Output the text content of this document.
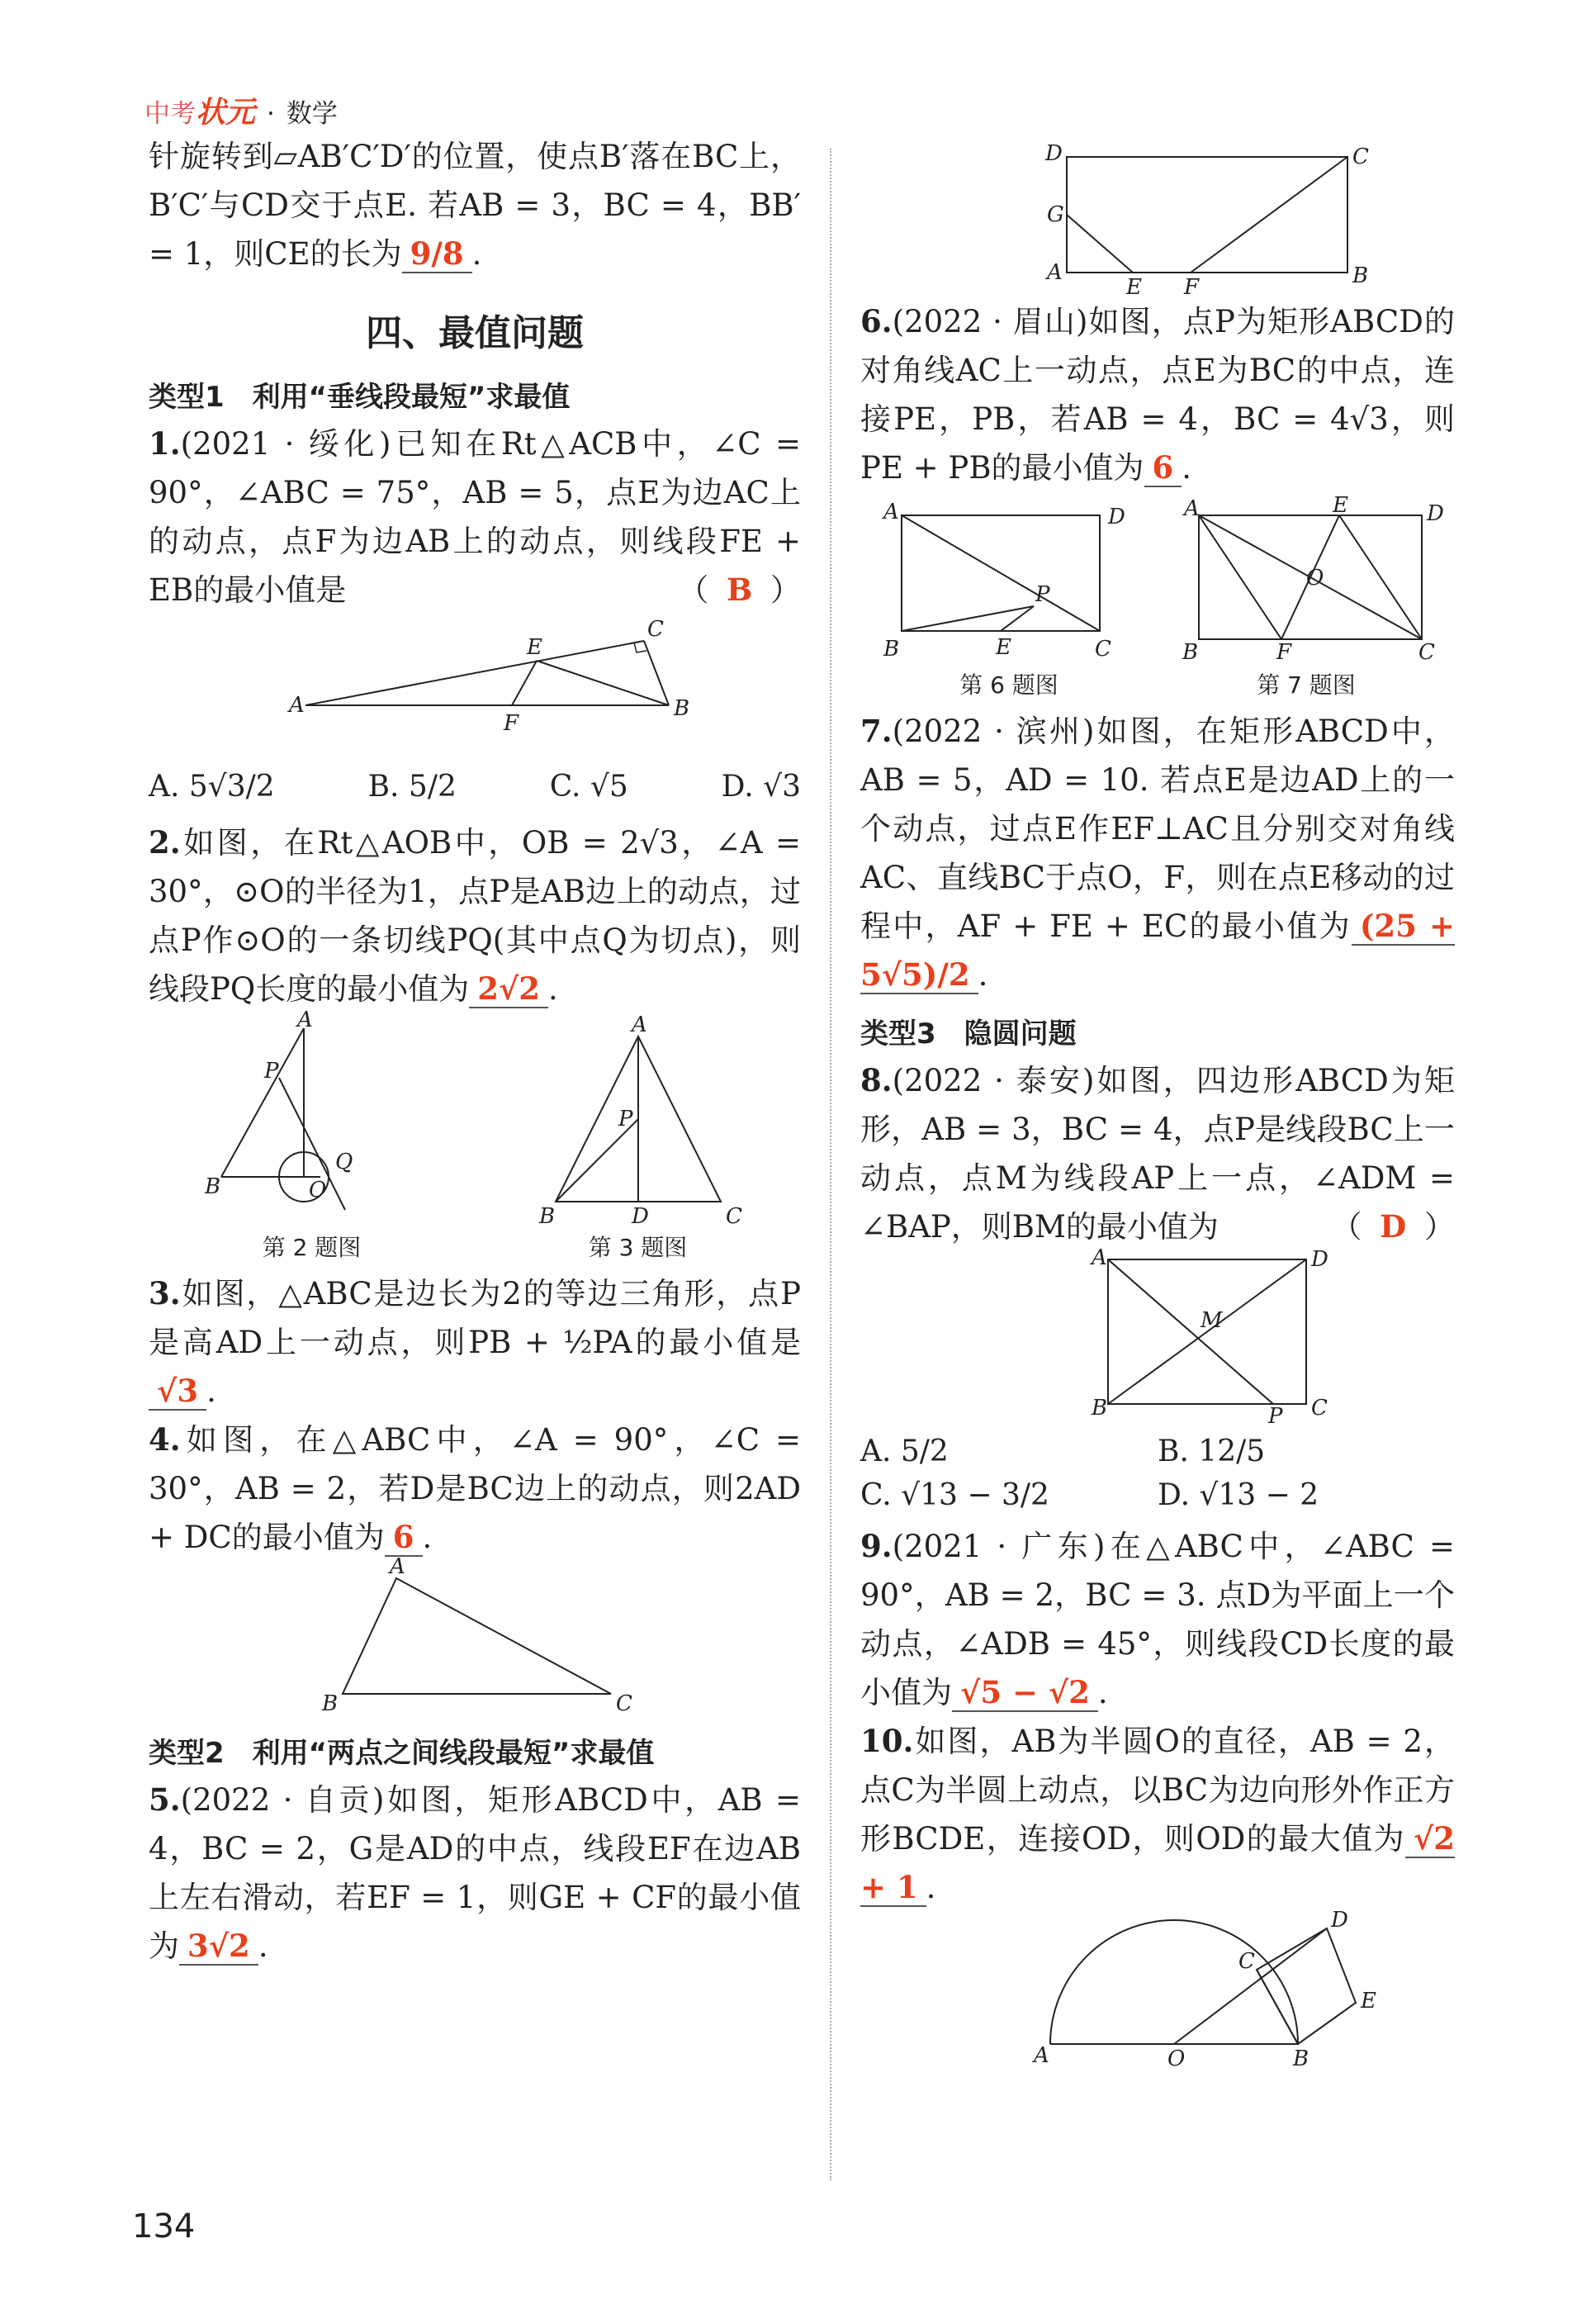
中考状元 · 数学

针旋转到▱AB′C′D′的位置，使点B′落在BC上，B′C′与CD交于点E. 若AB = 3，BC = 4，BB′ = 1，则CE的长为 9/8 .

四、最值问题
类型1　利用“垂线段最短”求最值

1.(2021 · 绥化)已知在Rt△ACB中，∠C = 90°，∠ABC = 75°，AB = 5，点E为边AC上的动点，点F为边AB上的动点，则线段FE + EB的最小值是	（ B ）

A	B
C
E
F
A. 5√3/2	B. 5/2	C. √5	D. √3

2.如图，在Rt△AOB中，OB = 2√3，∠A = 30°，⊙O的半径为1，点P是AB边上的动点，过点P作⊙O的一条切线PQ(其中点Q为切点)，则线段PQ长度的最小值为 2√2 .

A
B	O
P
Q
第 2 题图
A
B	C
D
P
第 3 题图

3.如图，△ABC是边长为2的等边三角形，点P是高AD上一动点，则PB + ½PA的最小值是√3 .

4.如图，在△ABC中，∠A = 90°，∠C = 30°，AB = 2，若D是BC边上的动点，则2AD + DC的最小值为 6 .

A
B	C
类型2　利用“两点之间线段最短”求最值

5.(2022 · 自贡)如图，矩形ABCD中，AB = 4，BC = 2，G是AD的中点，线段EF在边AB上左右滑动，若EF = 1，则GE + CF的最小值为 3√2 .

D	C
G
A	B
E F

6.(2022 · 眉山)如图，点P为矩形ABCD的对角线AC上一动点，点E为BC的中点，连接PE，PB，若AB = 4，BC = 4√3，则PE + PB的最小值为 6 .

A	D
B	C
E
P
第 6 题图
A	E	D
O
B	F	C
第 7 题图

7.(2022 · 滨州)如图，在矩形ABCD中，AB = 5，AD = 10. 若点E是边AD上的一个动点，过点E作EF⊥AC且分别交对角线AC、直线BC于点O，F，则在点E移动的过程中，AF + FE + EC的最小值为 (25 + 5√5)/2 .

类型3　隐圆问题

8.(2022 · 泰安)如图，四边形ABCD为矩形，AB = 3，BC = 4，点P是线段BC上一动点，点M为线段AP上一点，∠ADM = ∠BAP，则BM的最小值为	（ D ）

A	D
M
B	P C
A. 5/2	B. 12/5
C. √13 − 3/2	D. √13 − 2

9.(2021 · 广东)在△ABC中，∠ABC = 90°，AB = 2，BC = 3. 点D为平面上一个动点，∠ADB = 45°，则线段CD长度的最小值为 √5 − √2 .

10.如图，AB为半圆O的直径，AB = 2，点C为半圆上动点，以BC为边向形外作正方形BCDE，连接OD，则OD的最大值为 √2 + 1 .

A	O	B
C
D
E
134
